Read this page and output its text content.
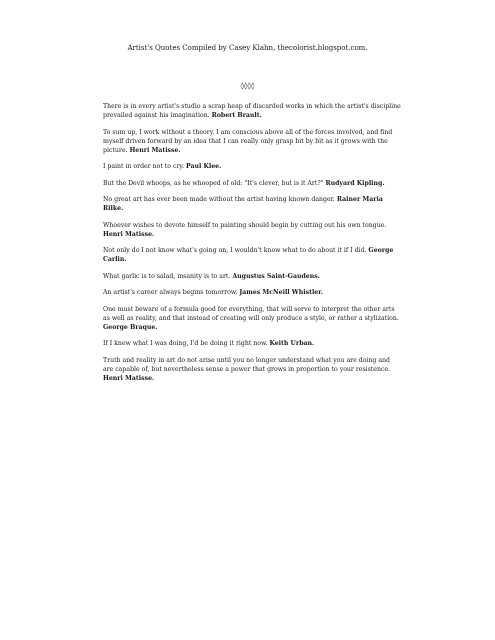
Artist's Quotes Compiled by Casey Klahn, thecolorist.blogspot.com.
◊◊◊◊

There is in every artist's studio a scrap heap of discarded works in which the artist's discipline prevailed against his imagination. Robert Brault.

To sum up, I work without a theory. I am conscious above all of the forces involved, and find myself driven forward by an idea that I can really only grasp bit by bit as it grows with the picture. Henri Matisse.

I paint in order not to cry. Paul Klee.

But the Devil whoops, as he whooped of old: "It's clever, but is it Art?" Rudyard Kipling.

No great art has ever been made without the artist having known danger. Rainer Maria Rilke.

Whoever wishes to devote himself to painting should begin by cutting out his own tongue. Henri Matisse.

Not only do I not know what's going on, I wouldn't know what to do about it if I did. George Carlin.

What garlic is to salad, insanity is to art. Augustus Saint-Gaudens.

An artist's career always begins tomorrow. James McNeill Whistler.

One must beware of a formula good for everything, that will serve to interpret the other arts as well as reality, and that instead of creating will only produce a style, or rather a stylization. George Braque.

If I knew what I was doing, I'd be doing it right now. Keith Urban.

Truth and reality in art do not arise until you no longer understand what you are doing and are capable of, but nevertheless sense a power that grows in proportion to your resistence. Henri Matisse.
